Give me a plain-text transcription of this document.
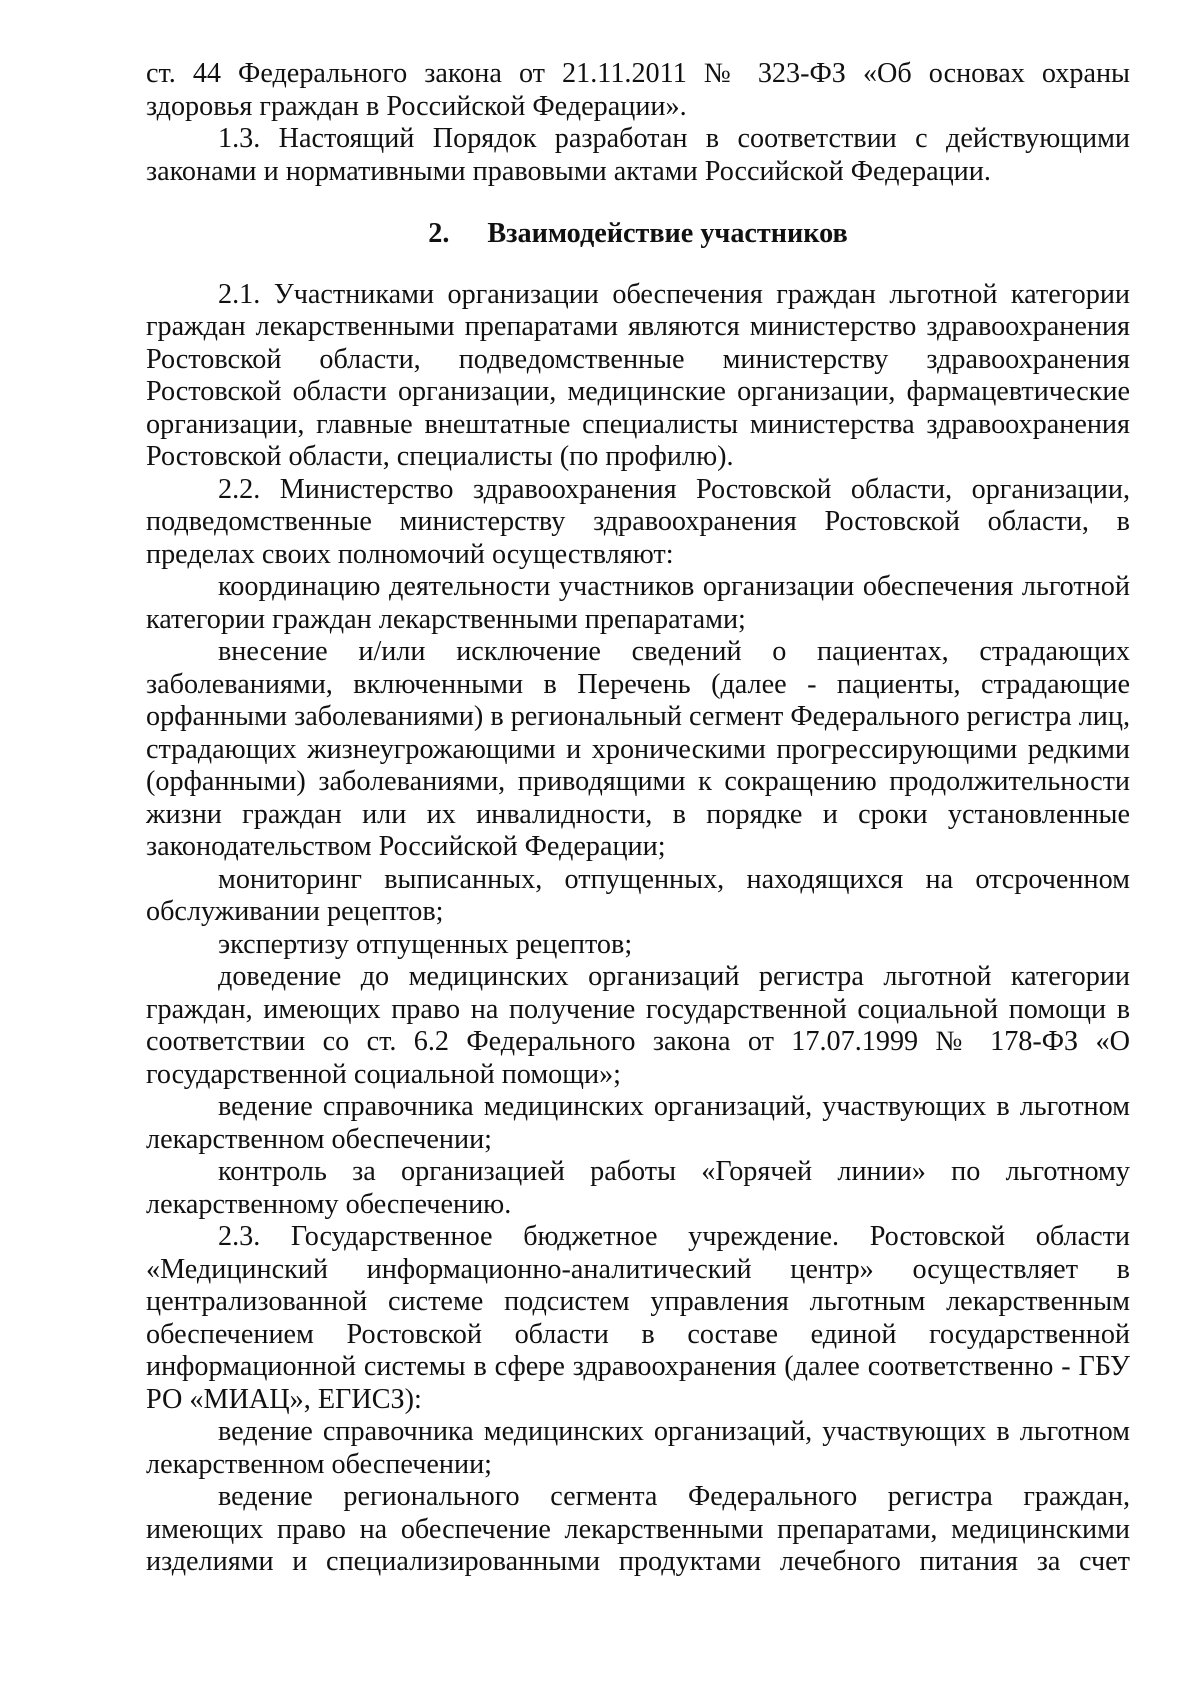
ст. 44 Федерального закона от 21.11.2011 № 323-ФЗ «Об основах охраны здоровья граждан в Российской Федерации».

1.3. Настоящий Порядок разработан в соответствии с действующими законами и нормативными правовыми актами Российской Федерации.

2. Взаимодействие участников

2.1. Участниками организации обеспечения граждан льготной категории граждан лекарственными препаратами являются министерство здравоохранения Ростовской области, подведомственные министерству здравоохранения Ростовской области организации, медицинские организации, фармацевтические организации, главные внештатные специалисты министерства здравоохранения Ростовской области, специалисты (по профилю).

2.2. Министерство здравоохранения Ростовской области, организации, подведомственные министерству здравоохранения Ростовской области, в пределах своих полномочий осуществляют:

координацию деятельности участников организации обеспечения льготной категории граждан лекарственными препаратами;

внесение и/или исключение сведений о пациентах, страдающих заболеваниями, включенными в Перечень (далее - пациенты, страдающие орфанными заболеваниями) в региональный сегмент Федерального регистра лиц, страдающих жизнеугрожающими и хроническими прогрессирующими редкими (орфанными) заболеваниями, приводящими к сокращению продолжительности жизни граждан или их инвалидности, в порядке и сроки установленные законодательством Российской Федерации;

мониторинг выписанных, отпущенных, находящихся на отсроченном обслуживании рецептов;

экспертизу отпущенных рецептов;

доведение до медицинских организаций регистра льготной категории граждан, имеющих право на получение государственной социальной помощи в соответствии со ст. 6.2 Федерального закона от 17.07.1999 № 178-ФЗ «О государственной социальной помощи»;

ведение справочника медицинских организаций, участвующих в льготном лекарственном обеспечении;

контроль за организацией работы «Горячей линии» по льготному лекарственному обеспечению.

2.3. Государственное бюджетное учреждение. Ростовской области «Медицинский информационно-аналитический центр» осуществляет в централизованной системе подсистем управления льготным лекарственным обеспечением Ростовской области в составе единой государственной информационной системы в сфере здравоохранения (далее соответственно - ГБУ РО «МИАЦ», ЕГИСЗ):

ведение справочника медицинских организаций, участвующих в льготном лекарственном обеспечении;

ведение регионального сегмента Федерального регистра граждан, имеющих право на обеспечение лекарственными препаратами, медицинскими изделиями и специализированными продуктами лечебного питания за счет
